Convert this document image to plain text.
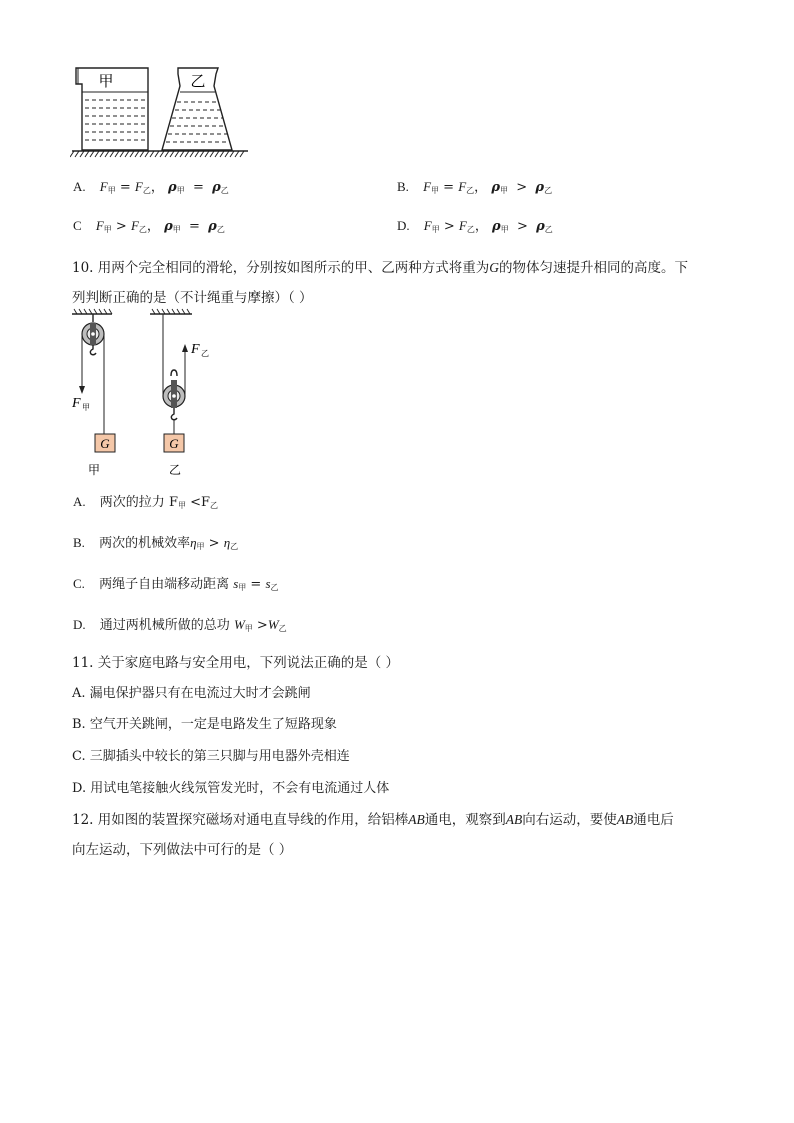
甲	乙
A. $F_甲 = F_乙$， $\rho_甲 = \rho_乙$	B. $F_甲 = F_乙$， $\rho_甲 > \rho_乙$
C $F_甲 > F_乙$， $\rho_甲 = \rho_乙$	D. $F_甲 > F_乙$， $\rho_甲 > \rho_乙$
10. 用两个完全相同的滑轮，分别按如图所示的甲、乙两种方式将重为G的物体匀速提升相同的高度。下
列判断正确的是（不计绳重与摩擦）（ ）
F 甲
G
甲
F 乙
G
乙
A. 两次的拉力 $F_甲 <F_乙$
B. 两次的机械效率$\eta_甲 > \eta_乙$
C. 两绳子自由端移动距离 $s_甲 = s_乙$
D. 通过两机械所做的总功 $W_甲 >W_乙$
11. 关于家庭电路与安全用电，下列说法正确的是（ ）
A. 漏电保护器只有在电流过大时才会跳闸
B. 空气开关跳闸，一定是电路发生了短路现象
C. 三脚插头中较长的第三只脚与用电器外壳相连
D. 用试电笔接触火线氖管发光时，不会有电流通过人体
12. 用如图的装置探究磁场对通电直导线的作用，给铝棒AB通电，观察到AB向右运动，要使AB通电后
向左运动，下列做法中可行的是（ ）
